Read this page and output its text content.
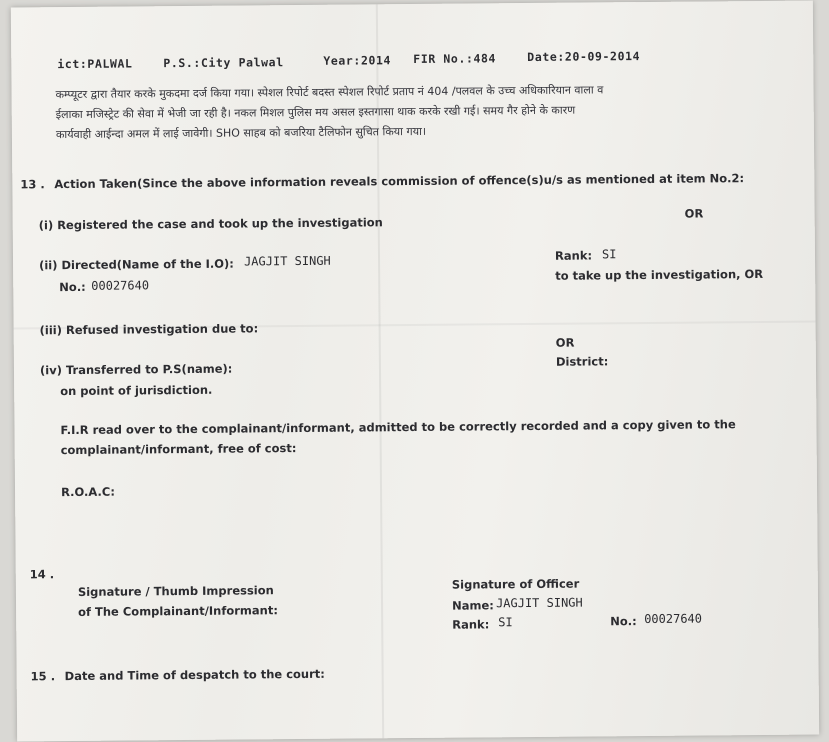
ict:PALWAL	P.S.:City Palwal	Year:2014 FIR No.:484	Date:20-09-2014
कम्प्यूटर द्वारा तैयार करके मुकदमा दर्ज किया गया। स्पेशल रिपोर्ट बदस्त स्पेशल रिपोर्ट प्रताप नं 404 /पलवल के उच्च अधिकारियान वाला व
ईलाका मजिस्ट्रेट की सेवा में भेजी जा रही है। नकल मिशल पुलिस मय असल इस्तगासा थाक करके रखी गई। समय गैर होने के कारण
कार्यवाही आईन्दा अमल में लाई जावेगी। SHO साहब को बजरिया टैलिफोन सुचित किया गया।
13 . Action Taken(Since the above information reveals commission of offence(s)u/s as mentioned at item No.2:
(i) Registered the case and took up the investigation
OR
(ii) Directed(Name of the I.O): JAGJIT SINGH	Rank: SI
No.: 00027640
to take up the investigation, OR
(iii) Refused investigation due to:
OR
(iv) Transferred to P.S(name):
District:
on point of jurisdiction.
F.I.R read over to the complainant/informant, admitted to be correctly recorded and a copy given to the
complainant/informant, free of cost:
R.O.A.C:
14 .
Signature / Thumb Impression
of The Complainant/Informant:
Signature of Officer
Name: JAGJIT SINGH
Rank: SI	No.: 00027640
15 . Date and Time of despatch to the court:
